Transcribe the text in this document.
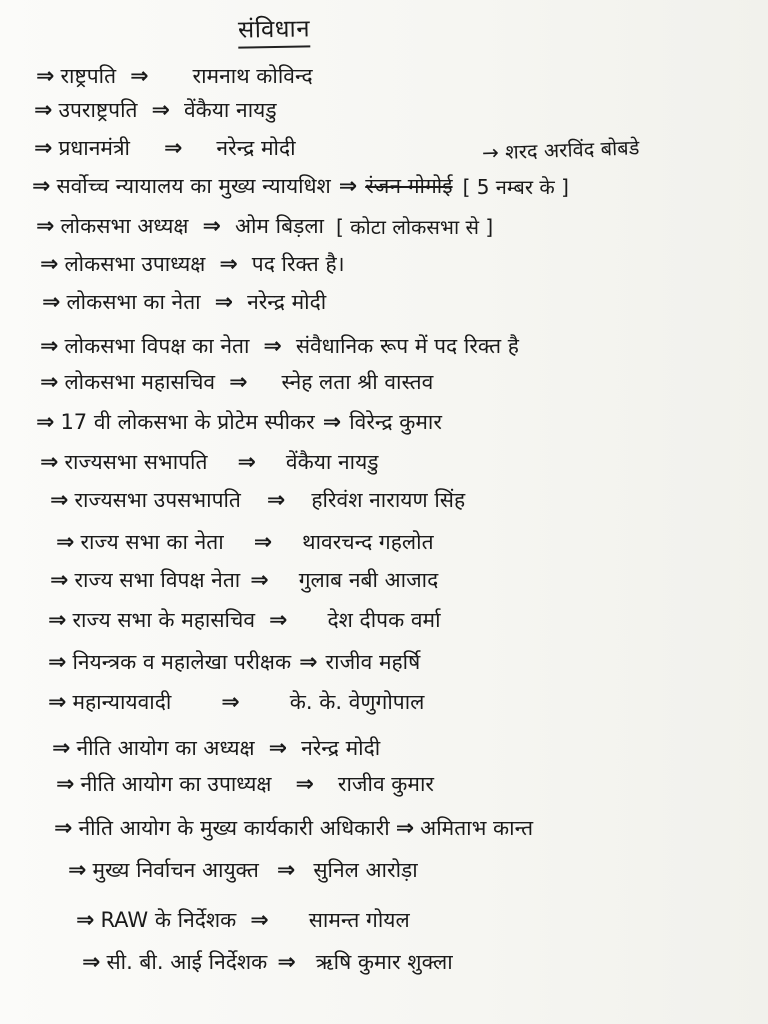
संविधान
→ शरद अरविंद बोबडे
⇒ राष्ट्रपति ⇒ रामनाथ कोविन्द
⇒ उपराष्ट्रपति ⇒ वेंकैया नायडु
⇒ प्रधानमंत्री ⇒ नरेन्द्र मोदी
⇒ सर्वोच्च न्यायालय का मुख्य न्यायधिश ⇒ रंजन गोगोई [ 5 नम्बर के ]
⇒ लोकसभा अध्यक्ष ⇒ ओम बिड़ला [ कोटा लोकसभा से ]
⇒ लोकसभा उपाध्यक्ष ⇒ पद रिक्त है।
⇒ लोकसभा का नेता ⇒ नरेन्द्र मोदी
⇒ लोकसभा विपक्ष का नेता ⇒ संवैधानिक रूप में पद रिक्त है
⇒ लोकसभा महासचिव ⇒ स्नेह लता श्री वास्तव
⇒ 17 वी लोकसभा के प्रोटेम स्पीकर ⇒ विरेन्द्र कुमार
⇒ राज्यसभा सभापति ⇒ वेंकैया नायडु
⇒ राज्यसभा उपसभापति ⇒ हरिवंश नारायण सिंह
⇒ राज्य सभा का नेता ⇒ थावरचन्द गहलोत
⇒ राज्य सभा विपक्ष नेता ⇒ गुलाब नबी आजाद
⇒ राज्य सभा के महासचिव ⇒ देश दीपक वर्मा
⇒ नियन्त्रक व महालेखा परीक्षक ⇒ राजीव महर्षि
⇒ महान्यायवादी ⇒ के. के. वेणुगोपाल
⇒ नीति आयोग का अध्यक्ष ⇒ नरेन्द्र मोदी
⇒ नीति आयोग का उपाध्यक्ष ⇒ राजीव कुमार
⇒ नीति आयोग के मुख्य कार्यकारी अधिकारी ⇒ अमिताभ कान्त
⇒ मुख्य निर्वाचन आयुक्त ⇒ सुनिल आरोड़ा
⇒ RAW के निर्देशक ⇒ सामन्त गोयल
⇒ सी. बी. आई निर्देशक ⇒ ऋषि कुमार शुक्ला
